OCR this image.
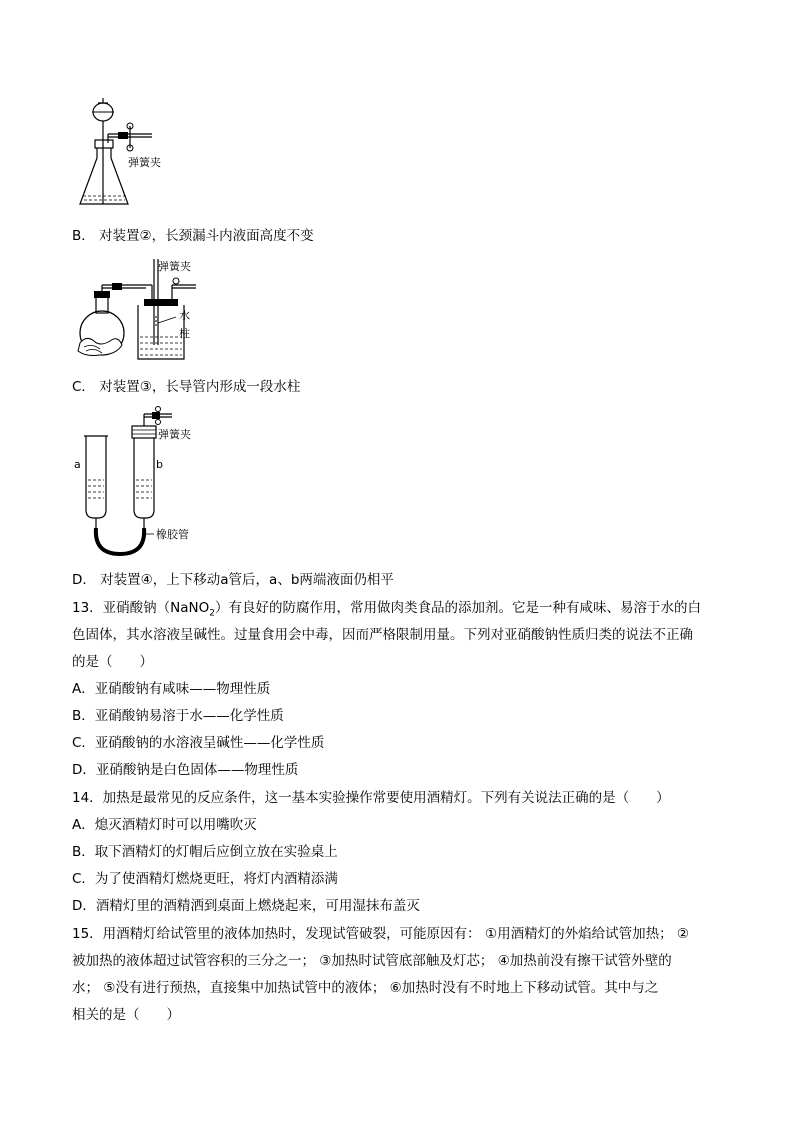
弹簧夹
B． 对装置②，长颈漏斗内液面高度不变
弹簧夹
水
柱
C． 对装置③，长导管内形成一段水柱
a	b
弹簧夹
橡胶管
D． 对装置④，上下移动a管后，a、b两端液面仍相平
13．亚硝酸钠（NaNO$_2$）有良好的防腐作用，常用做肉类食品的添加剂。它是一种有咸味、易溶于水的白
色固体，其水溶液呈碱性。过量食用会中毒，因而严格限制用量。下列对亚硝酸钠性质归类的说法不正确
的是（　　）
A．亚硝酸钠有咸味——物理性质
B．亚硝酸钠易溶于水——化学性质
C．亚硝酸钠的水溶液呈碱性——化学性质
D．亚硝酸钠是白色固体——物理性质
14．加热是最常见的反应条件，这一基本实验操作常要使用酒精灯。下列有关说法正确的是（　　）
A．熄灭酒精灯时可以用嘴吹灭
B．取下酒精灯的灯帽后应倒立放在实验桌上
C．为了使酒精灯燃烧更旺，将灯内酒精添满
D．酒精灯里的酒精洒到桌面上燃烧起来，可用湿抹布盖灭
15．用酒精灯给试管里的液体加热时，发现试管破裂，可能原因有： ①用酒精灯的外焰给试管加热； ②
被加热的液体超过试管容积的三分之一； ③加热时试管底部触及灯芯； ④加热前没有擦干试管外壁的
水； ⑤没有进行预热，直接集中加热试管中的液体； ⑥加热时没有不时地上下移动试管。其中与之
相关的是（　　）
